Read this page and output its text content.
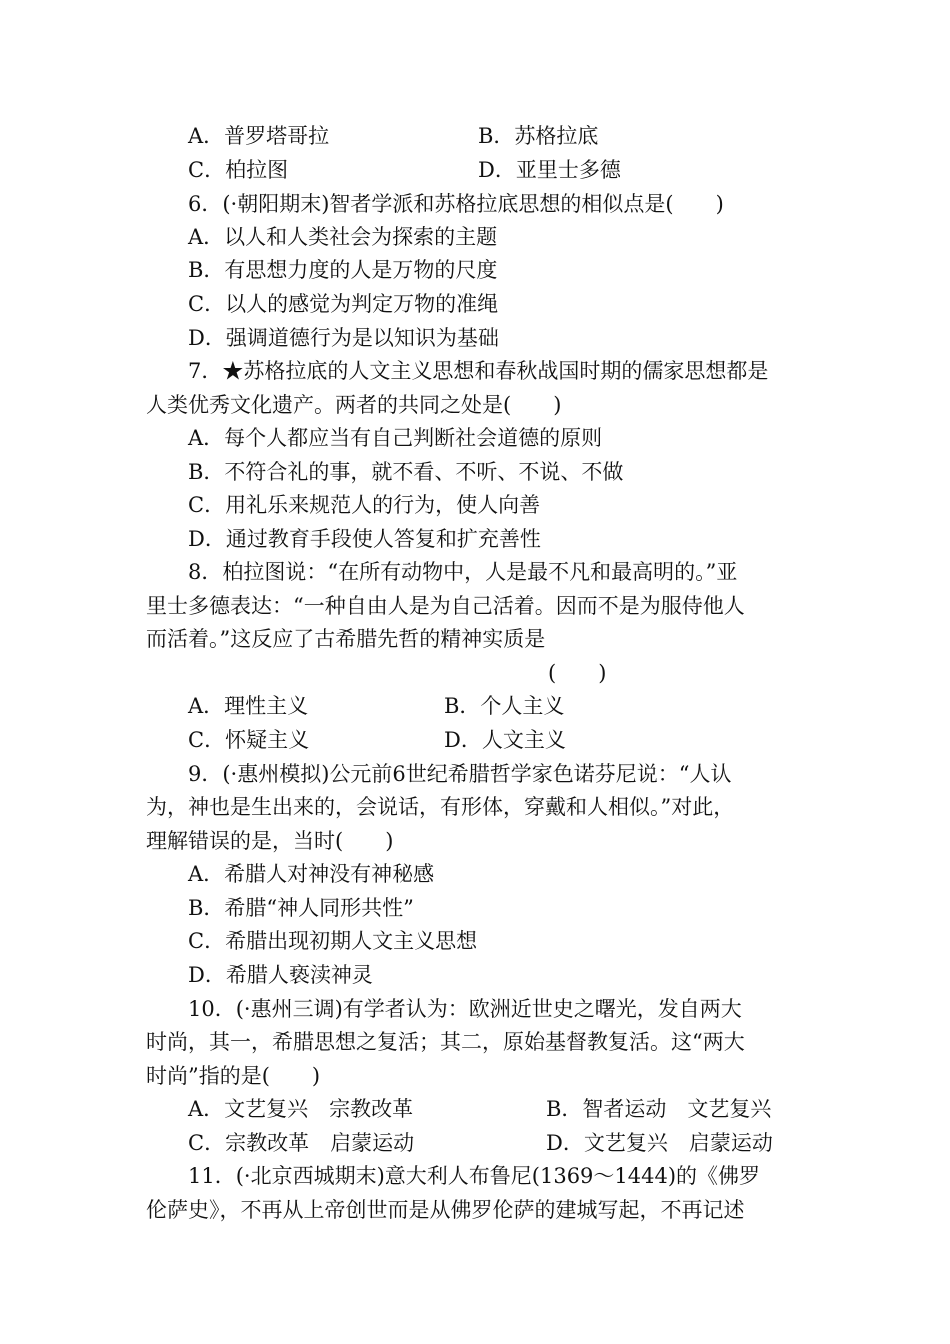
A．普罗塔哥拉	B．苏格拉底
C．柏拉图	D．亚里士多德
6．(·朝阳期末)智者学派和苏格拉底思想的相似点是(　　)
A．以人和人类社会为探索的主题
B．有思想力度的人是万物的尺度
C．以人的感觉为判定万物的准绳
D．强调道德行为是以知识为基础
7．★苏格拉底的人文主义思想和春秋战国时期的儒家思想都是
人类优秀文化遗产。两者的共同之处是(　　)
A．每个人都应当有自己判断社会道德的原则
B．不符合礼的事，就不看、不听、不说、不做
C．用礼乐来规范人的行为，使人向善
D．通过教育手段使人答复和扩充善性
8．柏拉图说：“在所有动物中，人是最不凡和最高明的。”亚
里士多德表达：“一种自由人是为自己活着。因而不是为服侍他人
而活着。”这反应了古希腊先哲的精神实质是
(　　)
A．理性主义	B．个人主义
C．怀疑主义	D．人文主义
9．(·惠州模拟)公元前6世纪希腊哲学家色诺芬尼说：“人认
为，神也是生出来的，会说话，有形体，穿戴和人相似。”对此，
理解错误的是，当时(　　)
A．希腊人对神没有神秘感
B．希腊“神人同形共性”
C．希腊出现初期人文主义思想
D．希腊人亵渎神灵
10．(·惠州三调)有学者认为：欧洲近世史之曙光，发自两大
时尚，其一，希腊思想之复活；其二，原始基督教复活。这“两大
时尚”指的是(　　)
A．文艺复兴　宗教改革	B．智者运动　文艺复兴
C．宗教改革　启蒙运动	D．文艺复兴　启蒙运动
11．(·北京西城期末)意大利人布鲁尼(1369～1444)的《佛罗
伦萨史》，不再从上帝创世而是从佛罗伦萨的建城写起，不再记述
